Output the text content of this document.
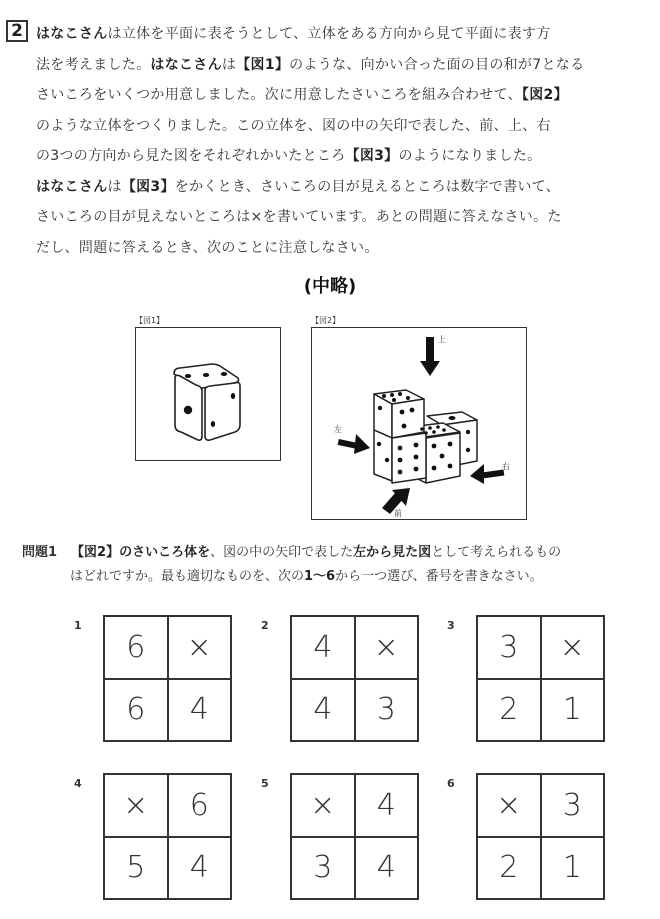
2 はなこさんは立体を平面に表そうとして、立体をある方向から見て平面に表す方

法を考えました。はなこさんは【図1】のような、向かい合った面の目の和が7となる

さいころをいくつか用意しました。次に用意したさいころを組み合わせて、【図2】

のような立体をつくりました。この立体を、図の中の矢印で表した、前、上、右

の3つの方向から見た図をそれぞれかいたところ【図3】のようになりました。

はなこさんは【図3】をかくとき、さいころの目が見えるところは数字で書いて、

さいころの目が見えないところは×を書いています。あとの問題に答えなさい。た

だし、問題に答えるとき、次のことに注意しなさい。

(中略)
【図1】	【図2】
上
左
右
前
問題1 【図2】のさいころ体を、図の中の矢印で表した左から見た図として考えられるもの
はどれですか。最も適切なものを、次の1〜6から一つ選び、番号を書きなさい。
1
6	×
6	4
2
4	×
4	3
3
3	×
2	1
4
×	6
5	4
5
×	4
3	4
6
×	3
2	1
